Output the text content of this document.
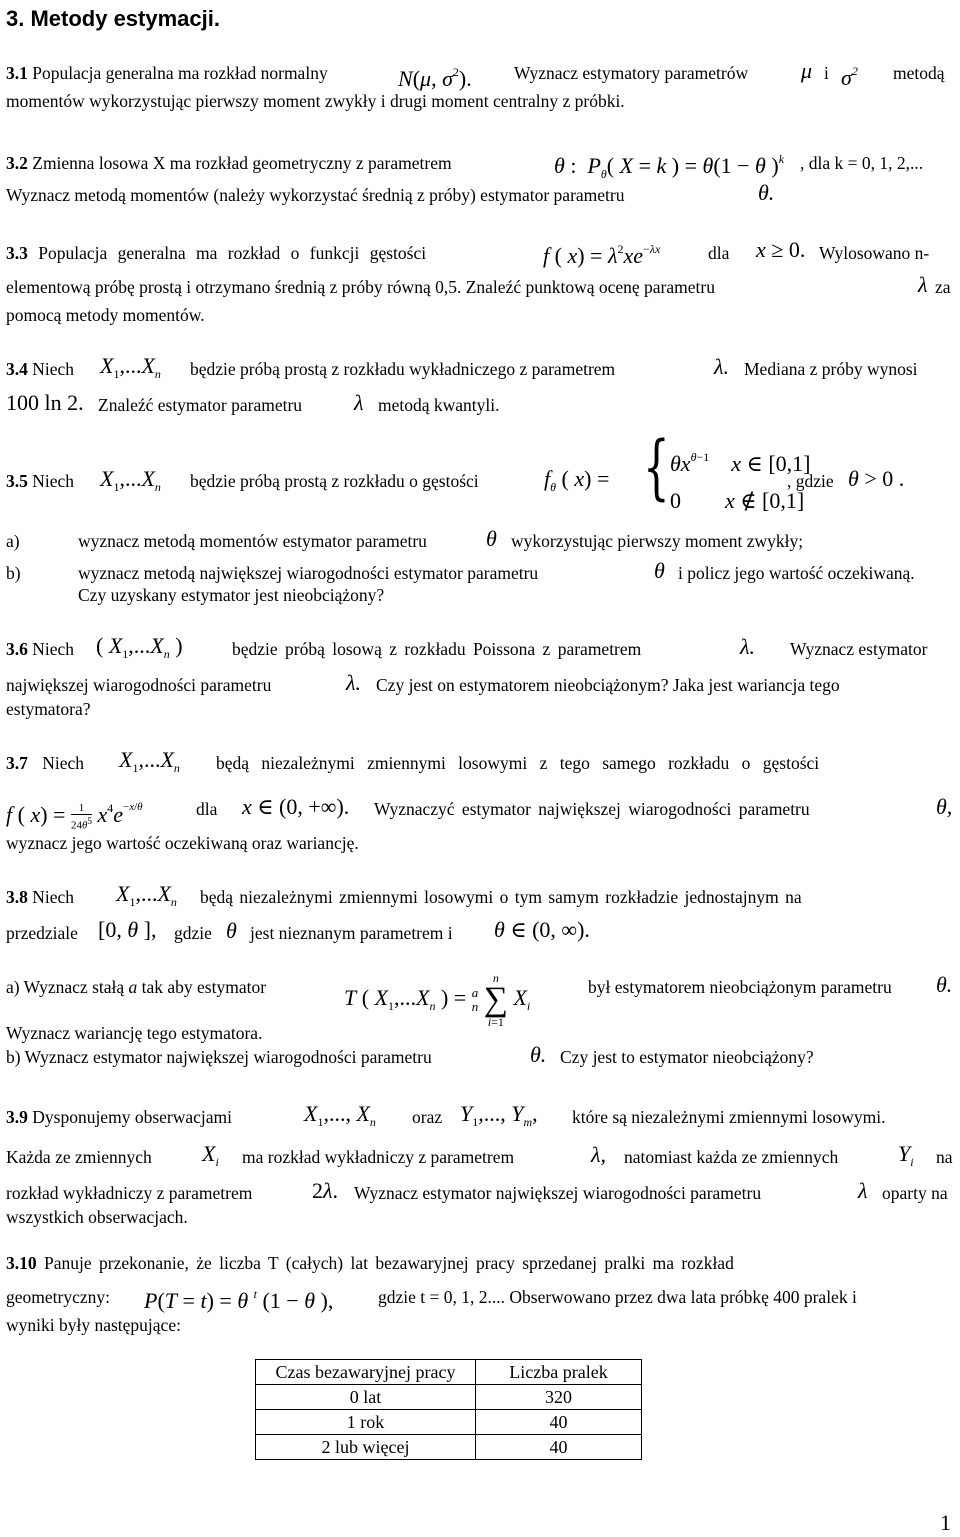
3. Metody estymacji.
3.1 Populacja generalna ma rozkład normalny	N(μ, $\sigma^2$). Wyznacz estymatory parametrów μ i $\sigma^2$ metodą
momentów wykorzystując pierwszy moment zwykły i drugi moment centralny z próbki.
3.2 Zmienna losowa X ma rozkład geometryczny z parametrem	θ :  $P_\theta$( X = k ) = θ(1 − θ )$^k$ , dla k = 0, 1, 2,...
Wyznacz metodą momentów (należy wykorzystać średnią z próby) estymator parametru	θ.
3.3 Populacja generalna ma rozkład o funkcji gęstości	f ( $x) = \lambda^2xe^{-\lambda x}$	dla x ≥ 0. Wylosowano n-
elementową próbę prostą i otrzymano średnią z próby równą 0,5. Znaleźć punktową ocenę parametru	λ za
pomocą metody momentów.
3.4 Niech $X_1,...X_n$ będzie próbą prostą z rozkładu wykładniczego z parametrem	λ. Mediana z próby wynosi
100 ln 2. Znaleźć estymator parametru λ metodą kwantyli.
3.5 Niech $X_1,...X_n$ będzie próbą prostą z rozkładu o gęstości	$f_\theta$ ( x) = { $\theta x^{\theta-1}$ x ∈ [0,1]
0        x ∉ [0,1]
, gdzie θ > 0 .
a)	wyznacz metodą momentów estymator parametru	θ wykorzystując pierwszy moment zwykły;
b)	wyznacz metodą największej wiarogodności estymator parametru	θ i policz jego wartość oczekiwaną.
Czy uzyskany estymator jest nieobciążony?
3.6 Niech ( $X_1,...X_n$ )	będzie próbą losową z rozkładu Poissona z parametrem	λ. Wyznacz estymator
największej wiarogodności parametru	λ. Czy jest on estymatorem nieobciążonym? Jaka jest wariancja tego
estymatora?
3.7 Niech $X_1,...X_n$ będą niezależnymi zmiennymi losowymi z tego samego rozkładu o gęstości
f ( $x) = \frac{1}{24\theta^5} x^4e^{-x/\theta}$	dla x ∈ (0, +∞). Wyznaczyć estymator największej wiarogodności parametru	θ,
wyznacz jego wartość oczekiwaną oraz wariancję.
3.8 Niech $X_1,...X_n$ będą niezależnymi zmiennymi losowymi o tym samym rozkładzie jednostajnym na
przedziale [0, θ ], gdzie θ jest nieznanym parametrem i θ ∈ (0, ∞).
a) Wyznacz stałą a tak aby estymator	T ( $X_1,...X_n$ ) = a
n

n
∑
i=1
$X_i$
był estymatorem nieobciążonym parametru θ.
Wyznacz wariancję tego estymatora.
b) Wyznacz estymator największej wiarogodności parametru	θ. Czy jest to estymator nieobciążony?
3.9 Dysponujemy obserwacjami	$X_1$,..., $X_n$ oraz $Y_1$,..., $Y_m$, które są niezależnymi zmiennymi losowymi.
Każda ze zmiennych $X_i$ ma rozkład wykładniczy z parametrem	λ, natomiast każda ze zmiennych	$Y_i$ na
rozkład wykładniczy z parametrem	2λ. Wyznacz estymator największej wiarogodności parametru	λ oparty na
wszystkich obserwacjach.
3.10 Panuje przekonanie, że liczba T (całych) lat bezawaryjnej pracy sprzedanej pralki ma rozkład
geometryczny: P(T = t) = θ $^t$ (1 − θ ),	gdzie t = 0, 1, 2.... Obserwowano przez dwa lata próbkę 400 pralek i
wyniki były następujące:
Czas bezawaryjnej pracy	Liczba pralek
0 lat	320
1 rok	40
2 lub więcej	40
1
